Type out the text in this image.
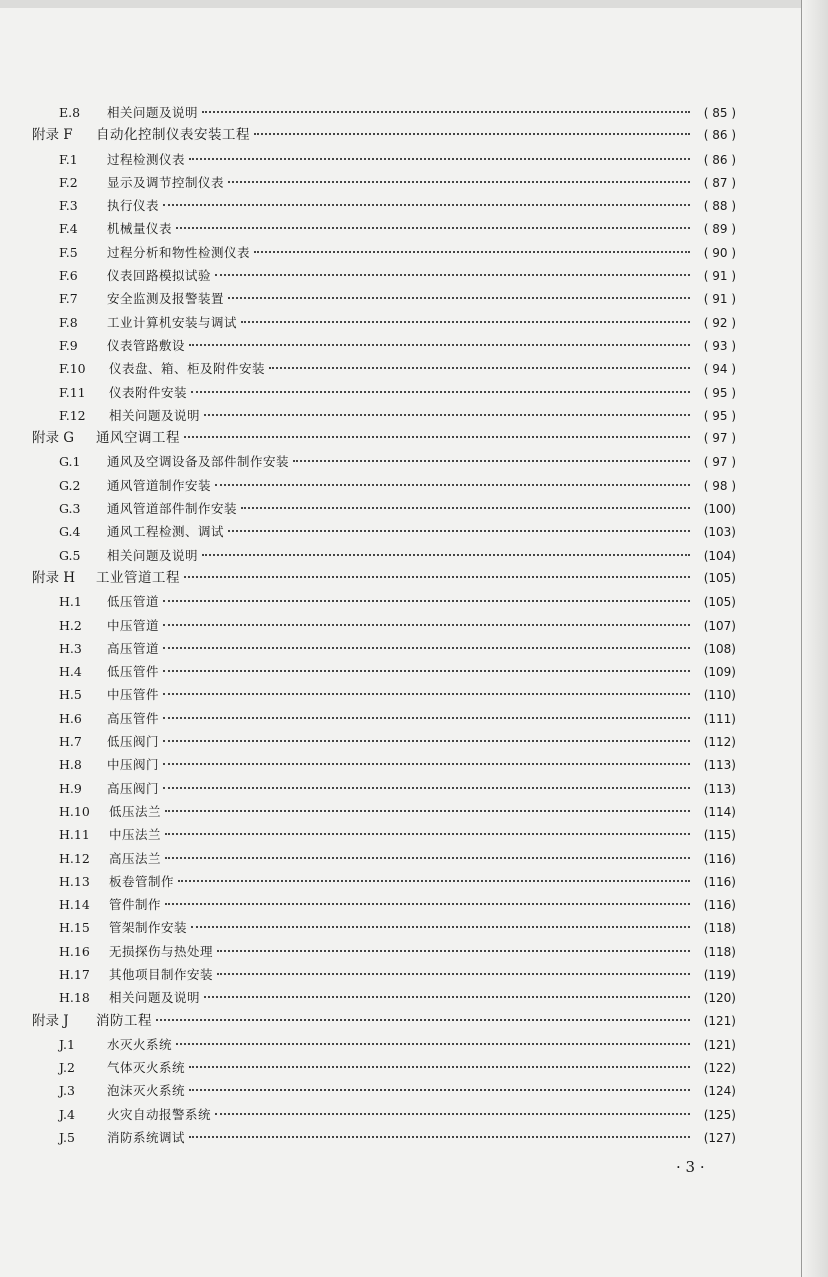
E.8	相关问题及说明	( 85 )
附录 F	自动化控制仪表安装工程	( 86 )
F.1	过程检测仪表	( 86 )
F.2	显示及调节控制仪表	( 87 )
F.3	执行仪表	( 88 )
F.4	机械量仪表	( 89 )
F.5	过程分析和物性检测仪表	( 90 )
F.6	仪表回路模拟试验	( 91 )
F.7	安全监测及报警装置	( 91 )
F.8	工业计算机安装与调试	( 92 )
F.9	仪表管路敷设	( 93 )
F.10	仪表盘、箱、柜及附件安装	( 94 )
F.11	仪表附件安装	( 95 )
F.12	相关问题及说明	( 95 )
附录 G	通风空调工程	( 97 )
G.1	通风及空调设备及部件制作安装	( 97 )
G.2	通风管道制作安装	( 98 )
G.3	通风管道部件制作安装	(100)
G.4	通风工程检测、调试	(103)
G.5	相关问题及说明	(104)
附录 H	工业管道工程	(105)
H.1	低压管道	(105)
H.2	中压管道	(107)
H.3	高压管道	(108)
H.4	低压管件	(109)
H.5	中压管件	(110)
H.6	高压管件	(111)
H.7	低压阀门	(112)
H.8	中压阀门	(113)
H.9	高压阀门	(113)
H.10	低压法兰	(114)
H.11	中压法兰	(115)
H.12	高压法兰	(116)
H.13	板卷管制作	(116)
H.14	管件制作	(116)
H.15	管架制作安装	(118)
H.16	无损探伤与热处理	(118)
H.17	其他项目制作安装	(119)
H.18	相关问题及说明	(120)
附录 J	消防工程	(121)
J.1	水灭火系统	(121)
J.2	气体灭火系统	(122)
J.3	泡沫灭火系统	(124)
J.4	火灾自动报警系统	(125)
J.5	消防系统调试	(127)
· 3 ·
